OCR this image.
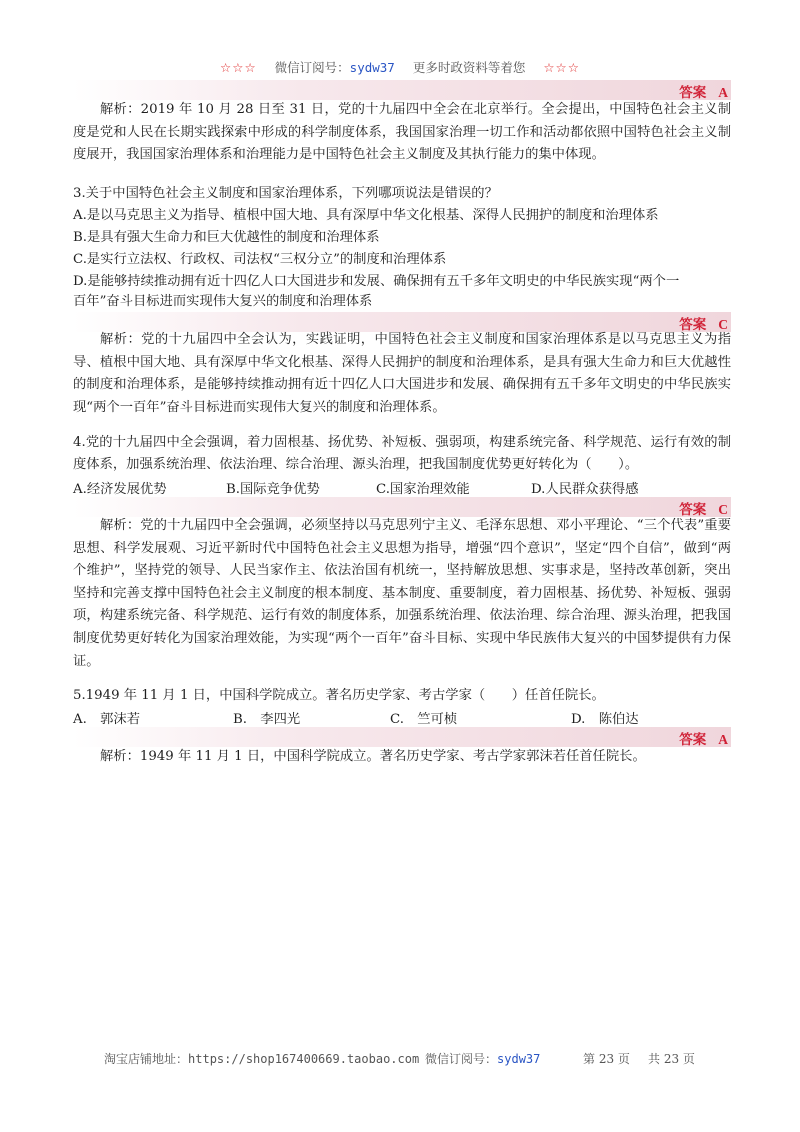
☆☆☆ 微信订阅号：sydw37 更多时政资料等着您 ☆☆☆
答案 A
解析：2019 年 10 月 28 日至 31 日，党的十九届四中全会在北京举行。全会提出，中国特色社会主义制度是党和人民在长期实践探索中形成的科学制度体系，我国国家治理一切工作和活动都依照中国特色社会主义制度展开，我国国家治理体系和治理能力是中国特色社会主义制度及其执行能力的集中体现。
3.关于中国特色社会主义制度和国家治理体系，下列哪项说法是错误的？
A.是以马克思主义为指导、植根中国大地、具有深厚中华文化根基、深得人民拥护的制度和治理体系
B.是具有强大生命力和巨大优越性的制度和治理体系
C.是实行立法权、行政权、司法权“三权分立”的制度和治理体系
D.是能够持续推动拥有近十四亿人口大国进步和发展、确保拥有五千多年文明史的中华民族实现“两个一
百年”奋斗目标进而实现伟大复兴的制度和治理体系
答案 C
解析：党的十九届四中全会认为，实践证明，中国特色社会主义制度和国家治理体系是以马克思主义为指导、植根中国大地、具有深厚中华文化根基、深得人民拥护的制度和治理体系，是具有强大生命力和巨大优越性的制度和治理体系，是能够持续推动拥有近十四亿人口大国进步和发展、确保拥有五千多年文明史的中华民族实现“两个一百年”奋斗目标进而实现伟大复兴的制度和治理体系。
4.党的十九届四中全会强调，着力固根基、扬优势、补短板、强弱项，构建系统完备、科学规范、运行有效的制度体系，加强系统治理、依法治理、综合治理、源头治理，把我国制度优势更好转化为（　　）。
A.经济发展优势	B.国际竞争优势	C.国家治理效能	D.人民群众获得感
答案 C
解析：党的十九届四中全会强调，必须坚持以马克思列宁主义、毛泽东思想、邓小平理论、“三个代表”重要思想、科学发展观、习近平新时代中国特色社会主义思想为指导，增强“四个意识”，坚定“四个自信”，做到“两个维护”，坚持党的领导、人民当家作主、依法治国有机统一，坚持解放思想、实事求是，坚持改革创新，突出坚持和完善支撑中国特色社会主义制度的根本制度、基本制度、重要制度，着力固根基、扬优势、补短板、强弱项，构建系统完备、科学规范、运行有效的制度体系，加强系统治理、依法治理、综合治理、源头治理，把我国制度优势更好转化为国家治理效能，为实现“两个一百年”奋斗目标、实现中华民族伟大复兴的中国梦提供有力保证。
5.1949 年 11 月 1 日，中国科学院成立。著名历史学家、考古学家（　　）任首任院长。
A.　郭沫若	B.　李四光	C.　竺可桢	D.　陈伯达
答案 A
解析：1949 年 11 月 1 日，中国科学院成立。著名历史学家、考古学家郭沫若任首任院长。
淘宝店铺地址：https://shop167400669.taobao.com 微信订阅号：sydw37	第 23 页 共 23 页
